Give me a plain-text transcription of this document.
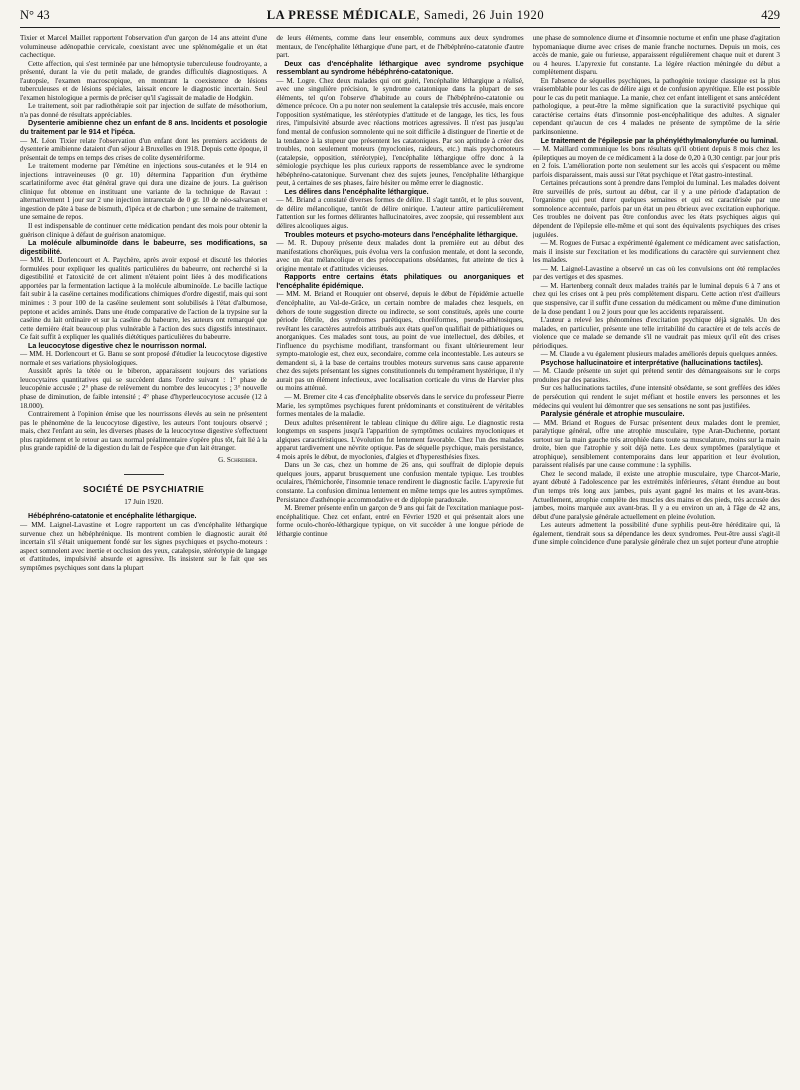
N° 43	LA PRESSE MÉDICALE, Samedi, 26 Juin 1920	429

Tixier et Marcel Maillet rapportent l'observation d'un garçon de 14 ans atteint d'une volumineuse adénopathie cervicale, coexistant avec une splénomégalie et un état cachectique.

Cette affection, qui s'est terminée par une hémoptysie tuberculeuse foudroyante, a présenté, durant la vie du petit malade, de grandes difficultés diagnostiques. A l'autopsie, l'examen macroscopique, en montrant la coexistence de lésions tuberculeuses et de lésions spéciales, laissait encore le diagnostic incertain. Seul l'examen histologique a permis de préciser qu'il s'agissait de maladie de Hodgkin.

Le traitement, soit par radiothérapie soit par injection de sulfate de mésothorium, n'a pas donné de résultats appréciables.

Dysenterie amibienne chez un enfant de 8 ans. Incidents et posologie du traitement par le 914 et l'ipéca.

— M. Léon Tixier relate l'observation d'un enfant dont les premiers accidents de dysenterie amibienne dataient d'un séjour à Bruxelles en 1918. Depuis cette époque, il présentait de temps en temps des crises de colite dysentériforme.

Le traitement moderne par l'émétine en injections sous-cutanées et le 914 en injections intraveineuses (0 gr. 10) détermina l'apparition d'un érythème scarlatiniforme avec état général grave qui dura une dizaine de jours. La guérison clinique fut obtenue en instituant une variante de la technique de Ravaut : alternativement 1 jour sur 2 une injection intrarectale de 0 gr. 10 de néo-salvarsan et ingestion de pâte à base de bismuth, d'ipéca et de charbon ; une semaine de traitement, une semaine de repos.

Il est indispensable de continuer cette médication pendant des mois pour obtenir la guérison clinique à défaut de guérison anatomique.

La molécule albuminoïde dans le babeurre, ses modifications, sa digestibilité.

— MM. H. Dorlencourt et A. Paychère, après avoir exposé et discuté les théories formulées pour expliquer les qualités particulières du babeurre, ont recherché si la digestibilité et l'atoxicité de cet aliment n'étaient point liées à des modifications apportées par la fermentation lactique à la molécule albuminoïde. Le bacille lactique fait subir à la caséine certaines modifications chimiques d'ordre digestif, mais qui sont minimes : 3 pour 100 de la caséine seulement sont solubilisés à l'état d'albumose, peptone et acides aminés. Dans une étude comparative de l'action de la trypsine sur la caséine du lait ordinaire et sur la caséine du babeurre, les auteurs ont remarqué que cette dernière était beaucoup plus vulnérable à l'action des sucs digestifs intestinaux. Ce fait suffit à expliquer les qualités diététiques particulières du babeurre.

La leucocytose digestive chez le nourrisson normal.

— MM. H. Dorlencourt et G. Banu se sont proposé d'étudier la leucocytose digestive normale et ses variations physiologiques.

Aussitôt après la tétée ou le biberon, apparaissent toujours des variations leucocytaires quantitatives qui se succèdent dans l'ordre suivant : 1° phase de leucopénie accusée ; 2° phase de relèvement du nombre des leucocytes ; 3° nouvelle phase de diminution, de faible intensité ; 4° phase d'hyperleucocytose accusée (12 à 18.000).

Contrairement à l'opinion émise que les nourrissons élevés au sein ne présentent pas le phénomène de la leucocytose digestive, les auteurs l'ont toujours observé ; mais, chez l'enfant au sein, les diverses phases de la leucocytose digestive s'effectuent plus rapidement et le retour au taux normal préalimentaire s'opère plus tôt, fait lié à la plus grande rapidité de la digestion du lait de l'espèce que d'un lait étranger.

G. Schreiber.
SOCIÉTÉ DE PSYCHIATRIE
17 Juin 1920.

Hébéphréno-catatonie et encéphalite léthargique.

— MM. Laignel-Lavastine et Logre rapportent un cas d'encéphalite léthargique survenue chez un hébéphrénique. Ils montrent combien le diagnostic aurait été incertain s'il s'était uniquement fondé sur les signes psychiques et psycho-moteurs : aspect somnolent avec inertie et occlusion des yeux, catalepsie, stéréotypie de langage et d'attitudes, impulsivité absurde et agressive. Ils insistent sur le fait que ses symptômes psychiques sont dans la plupart

de leurs éléments, comme dans leur ensemble, communs aux deux syndromes mentaux, de l'encéphalite léthargique d'une part, et de l'hébéphréno-catatonie d'autre part.

Deux cas d'encéphalite léthargique avec syndrome psychique ressemblant au syndrome hébéphréno-catatonique.

— M. Logre. Chez deux malades qui ont guéri, l'encéphalite léthargique a réalisé, avec une singulière précision, le syndrome catatonique dans la plupart de ses éléments, tel qu'on l'observe d'habitude au cours de l'hébéphréno-catatonie ou démence précoce. On a pu noter non seulement la catalepsie très accusée, mais encore l'opposition systématique, les stéréotypies d'attitude et de langage, les tics, les fous rires, l'impulsivité absurde avec réactions motrices agressives. Il n'est pas jusqu'au fond mental de confusion somnolente qui ne soit difficile à distinguer de l'inertie et de la tendance à la stupeur que présentent les catatoniques. Par son aptitude à créer des troubles, non seulement moteurs (myoclonies, raideurs, etc.) mais psychomoteurs (catalepsie, opposition, stéréotypie), l'encéphalite léthargique offre donc à la sémiologie psychique les plus curieux rapports de ressemblance avec le syndrome hébéphréno-catatonique. Survenant chez des sujets jeunes, l'encéphalite léthargique peut, à certaines de ses phases, faire hésiter ou même errer le diagnostic.

Les délires dans l'encéphalite léthargique.

— M. Briand a constaté diverses formes de délire. Il s'agit tantôt, et le plus souvent, de délire mélancolique, tantôt de délire onirique. L'auteur attire particulièrement l'attention sur les formes délirantes hallucinatoires, avec zoopsie, qui ressemblent aux délires alcooliques aigus.

Troubles moteurs et psycho-moteurs dans l'encéphalite léthargique.

— M. R. Dupouy présente deux malades dont la première eut au début des manifestations choréiques, puis évolua vers la confusion mentale, et dont la seconde, avec un état mélancolique et des préoccupations obsédantes, fut atteinte de tics à origine mentale et d'attitudes vicieuses.

Rapports entre certains états philatiques ou anorganiques et l'encéphalite épidémique.

— MM. M. Briand et Rouquier ont observé, depuis le début de l'épidémie actuelle d'encéphalite, au Val-de-Grâce, un certain nombre de malades chez lesquels, en dehors de toute suggestion directe ou indirecte, se sont constitués, après une courte période fébrile, des syndromes parétiques, choréiformes, pseudo-athétosiques, revêtant les caractères autrefois attribués aux états quel'on qualifiait de pithiatiques ou anorganiques. Ces malades sont tous, au point de vue intellectuel, des débiles, et l'influence du psychisme modifiant, transformant ou fixant ultérieurement leur sympto-matologie est, chez eux, secondaire, comme cela incontestable. Les auteurs se demandent si, à la base de certains troubles moteurs survenus sans cause apparente chez des sujets présentant les signes constitutionnels du tempérament hystérique, il n'y aurait pas un élément infectieux, avec localisation corticale du virus de Harvier plus ou moins atténué.

— M. Bremer cite 4 cas d'encéphalite observés dans le service du professeur Pierre Marie, les symptômes psychiques furent prédominants et constituèrent de véritables formes mentales de la maladie.

Deux adultes présentèrent le tableau clinique du délire aigu. Le diagnostic resta longtemps en suspens jusqu'à l'apparition de symptômes oculaires myocloniques et algiques caractéristiques. L'évolution fut lentement favorable. Chez l'un des malades apparut tardivement une névrite optique. Pas de séquelle psychique, mais persistance, 4 mois après le début, de myoclonies, d'algies et d'hyperesthésies fixes.

Dans un 3e cas, chez un homme de 26 ans, qui souffrait de diplopie depuis quelques jours, apparut brusquement une confusion mentale typique. Les troubles oculaires, l'hémichorée, l'insomnie tenace rendirent le diagnostic facile. L'apyrexie fut constante. La confusion diminua lentement en même temps que les autres symptômes. Persistance d'asthénopie accommodative et de diplopie paradoxale.

M. Bremer présente enfin un garçon de 9 ans qui fait de l'excitation maniaque post-encéphalitique. Chez cet enfant, entré en Février 1920 et qui présentait alors une forme oculo-choréo-léthargique typique, on vit succéder à une longue période de léthargie continue

une phase de somnolence diurne et d'insomnie nocturne et enfin une phase d'agitation hypomaniaque diurne avec crises de manie franche nocturnes. Depuis un mois, ces accès de manie, gaie ou furieuse, apparaissent régulièrement chaque nuit et durent 3 ou 4 heures. L'apyrexie fut constante. La légère réaction méningée du début a complètement disparu.

En l'absence de séquelles psychiques, la pathogénie toxique classique est la plus vraisemblable pour les cas de délire aigu et de confusion apyrétique. Elle est possible pour le cas du petit maniaque. La manie, chez cet enfant intelligent et sans antécédent pathologique, a peut-être la même signification que la suractivité psychique qui caractérise certains états d'insomnie post-encéphalitique des adultes. A signaler cependant qu'aucun de ces 4 malades ne présente de symptôme de la série parkinsonienne.

Le traitement de l'épilepsie par la phényléthylmalonylurée ou luminal.

— M. Maillard communique les bons résultats qu'il obtient depuis 8 mois chez les épileptiques au moyen de ce médicament à la dose de 0,20 à 0,30 centigr. par jour pris en 2 fois. L'amélioration porte non seulement sur les accès qui s'espacent ou même parfois disparaissent, mais aussi sur l'état psychique et l'état gastro-intestinal.

Certaines précautions sont à prendre dans l'emploi du luminal. Les malades doivent être surveillés de près, surtout au début, car il y a une période d'adaptation de l'organisme qui peut durer quelques semaines et qui est caractérisée par une somnolence accentuée, parfois par un état un peu ébrieux avec excitation euphorique. Ces troubles ne doivent pas être confondus avec les états psychiques aigus qui dépendent de l'épilepsie elle-même et qui sont des équivalents psychiques des crises jugulées.

— M. Rogues de Fursac a expérimenté également ce médicament avec satisfaction, mais il insiste sur l'excitation et les modifications du caractère qui surviennent chez les malades.

— M. Laignel-Lavastine a observé un cas où les convulsions ont été remplacées par des vertiges et des spasmes.

— M. Hartenberg connaît deux malades traités par le luminal depuis 6 à 7 ans et chez qui les crises ont à peu près complètement disparu. Cette action n'est d'ailleurs que suspensive, car il suffit d'une cessation du médicament ou même d'une diminution de la dose pendant 1 ou 2 jours pour que les accidents reparaissent.

L'auteur a relevé les phénomènes d'excitation psychique déjà signalés. Un des malades, en particulier, présente une telle irritabilité du caractère et de tels accès de violence que ce malade se demande s'il ne vaudrait pas mieux qu'il eût des crises périodiques.

— M. Claude a vu également plusieurs malades améliorés depuis quelques années.

Psychose hallucinatoire et interprétative (hallucinations tactiles).

— M. Claude présente un sujet qui prétend sentir des démangeaisons sur le corps produites par des parasites.

Sur ces hallucinations tactiles, d'une intensité obsédante, se sont greffées des idées de persécution qui rendent le sujet méfiant et hostile envers les personnes et les médecins qui veulent lui démontrer que ses sensations ne sont pas justifiées.

Paralysie générale et atrophie musculaire.

— MM. Briand et Rogues de Fursac présentent deux malades dont le premier, paralytique général, offre une atrophie musculaire, type Aran-Duchenne, portant surtout sur la main gauche très atrophiée dans toute sa musculature, moins sur la main droite, bien que l'atrophie y soit déjà nette. Les deux symptômes (paralytique et atrophique), sensiblement contemporains dans leur apparition et leur évolution, paraissent réalisés par une cause commune : la syphilis.

Chez le second malade, il existe une atrophie musculaire, type Charcot-Marie, ayant débuté à l'adolescence par les extrémités inférieures, s'étant étendue au bout d'un temps très long aux jambes, puis ayant gagné les mains et les avant-bras. Actuellement, atrophie complète des muscles des mains et des pieds, très accusée des jambes, moins marquée aux avant-bras. Il y a eu environ un an, à l'âge de 42 ans, début d'une paralysie générale actuellement en pleine évolution.

Les auteurs admettent la possibilité d'une syphilis peut-être héréditaire qui, là également, tiendrait sous sa dépendance les deux syndromes. Peut-être aussi s'agit-il d'une simple coïncidence d'une paralysie générale chez un sujet porteur d'une atrophie
